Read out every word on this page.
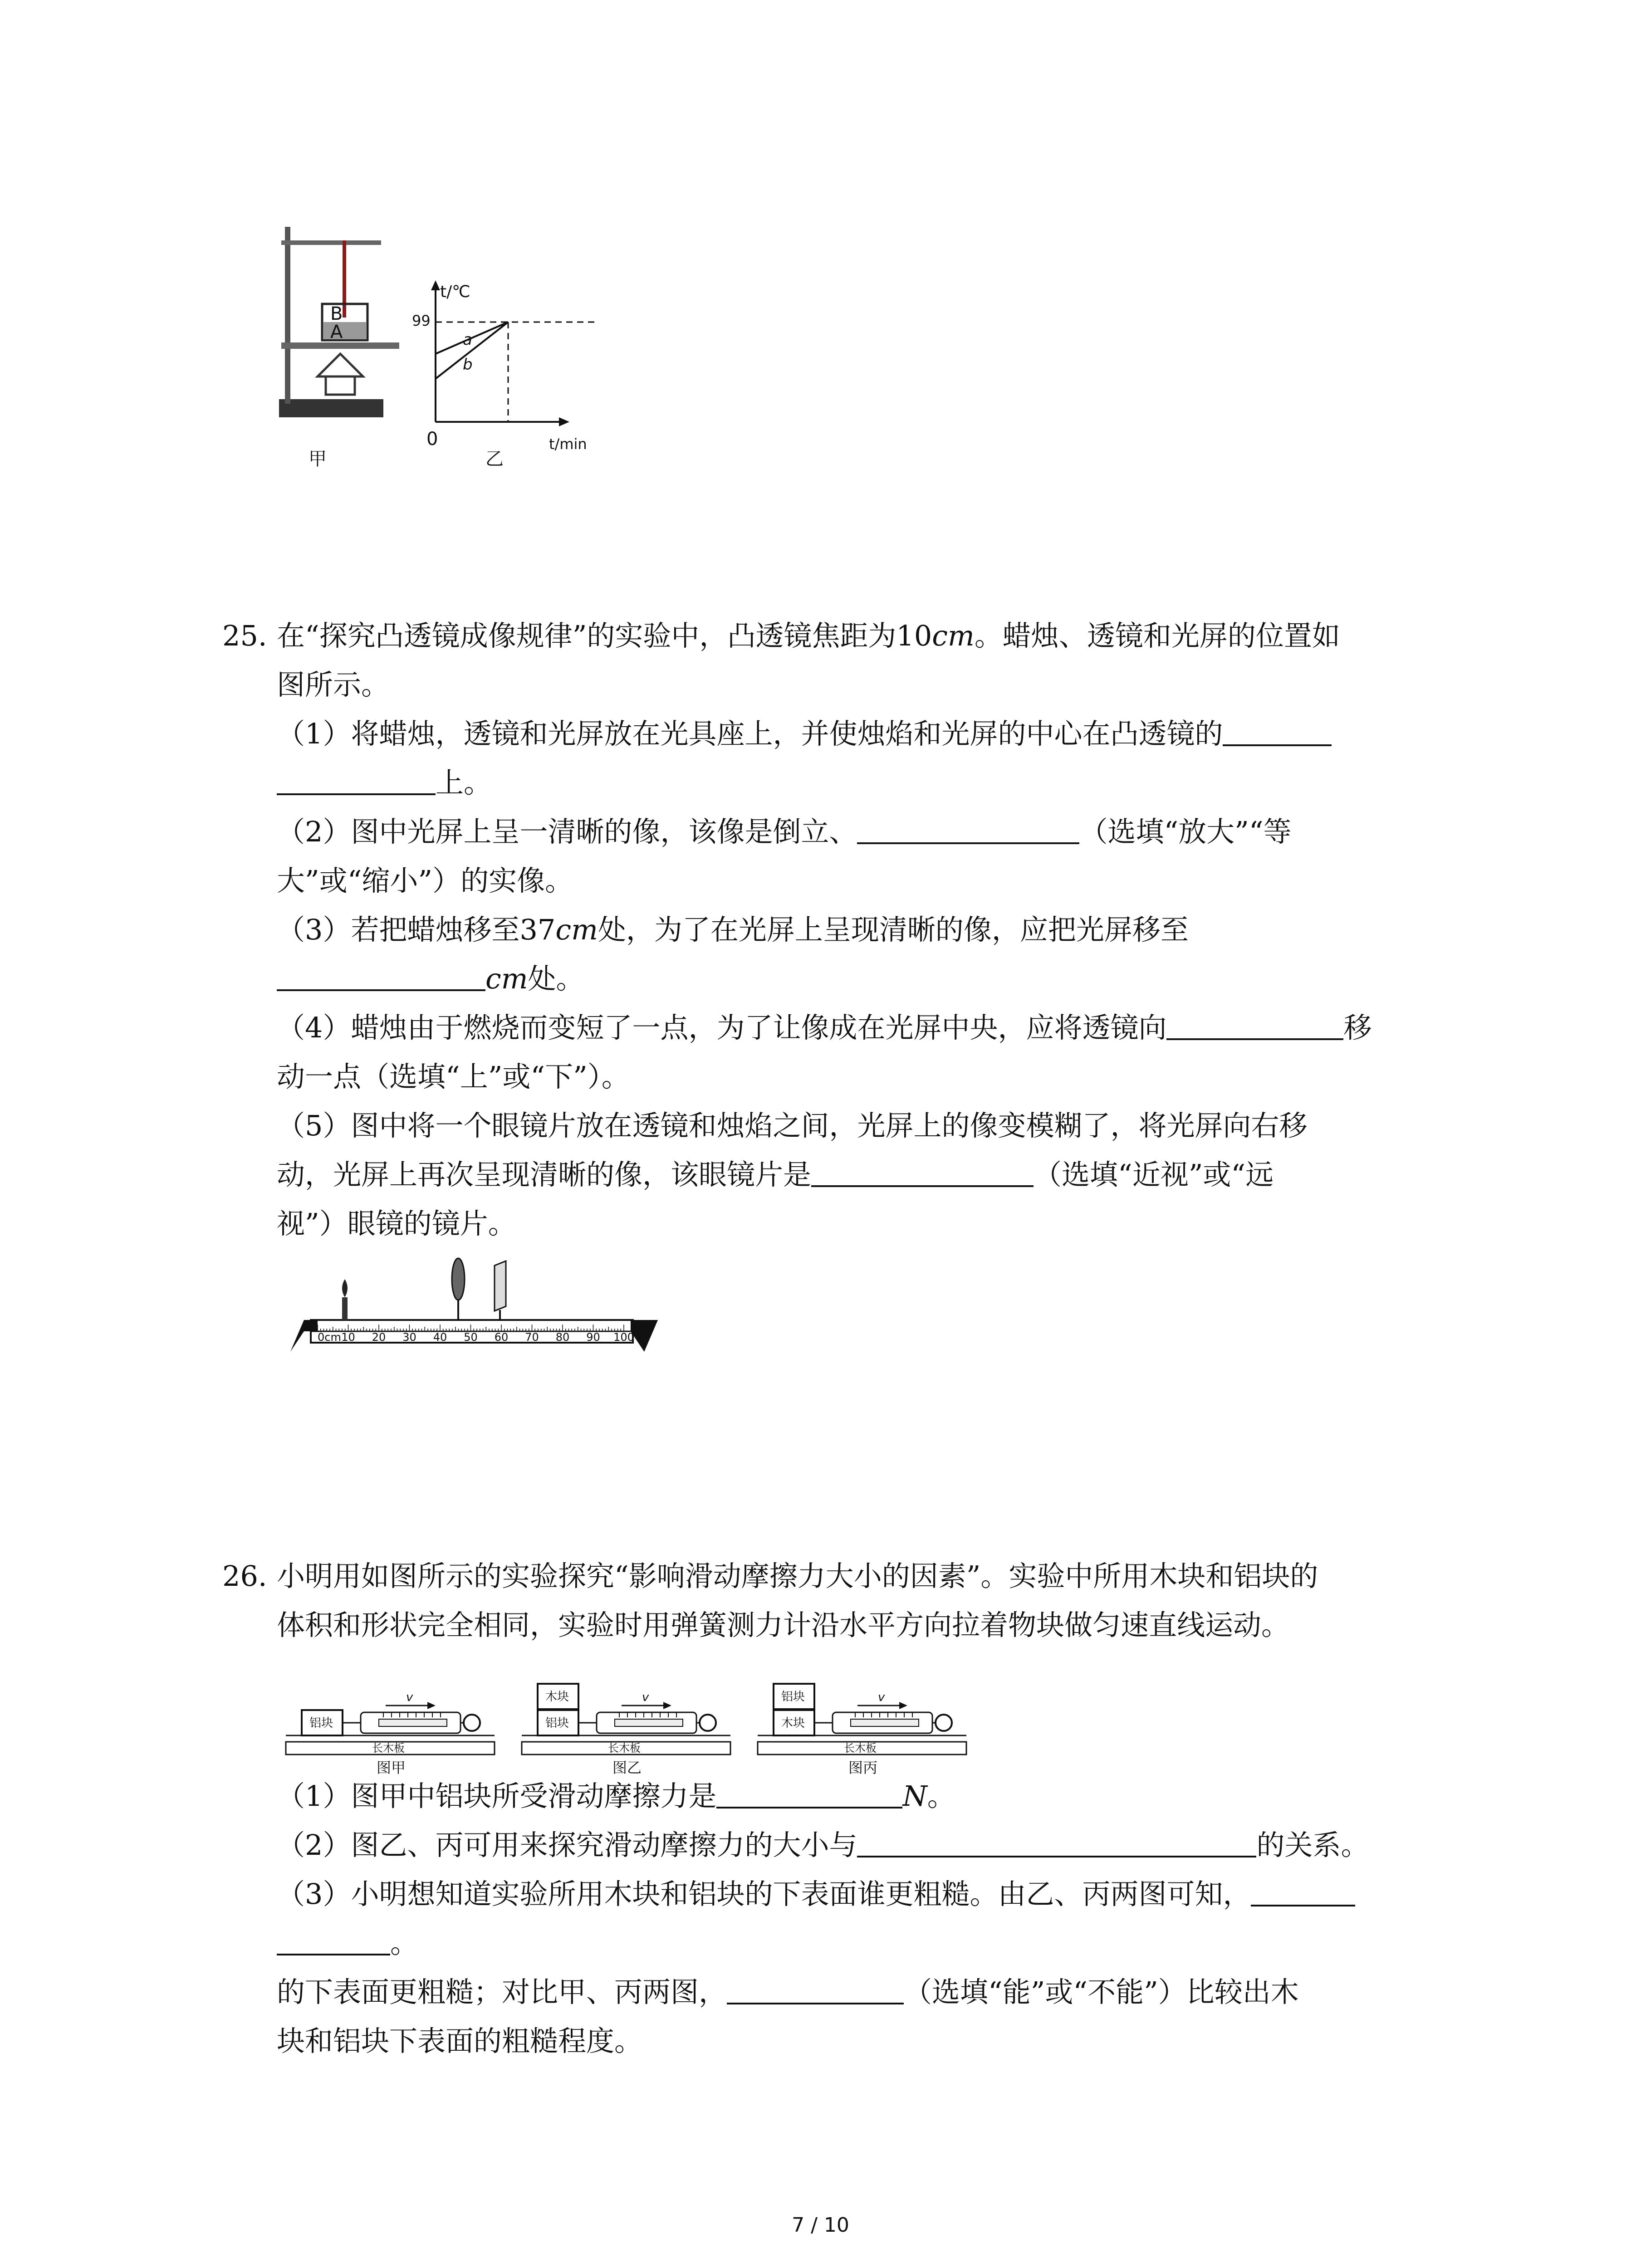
B
A
甲
t/℃
99
a
b
0	t/min
乙
25. 在“探究凸透镜成像规律”的实验中，凸透镜焦距为10cm。蜡烛、透镜和光屏的位置如
图所示。
（1）将蜡烛，透镜和光屏放在光具座上，并使烛焰和光屏的中心在凸透镜的
上。
（2）图中光屏上呈一清晰的像，该像是倒立、	（选填“放大”“等
大”或“缩小”）的实像。
（3）若把蜡烛移至37cm处，为了在光屏上呈现清晰的像，应把光屏移至
cm处。
（4）蜡烛由于燃烧而变短了一点，为了让像成在光屏中央，应将透镜向	移
动一点（选填“上”或“下”）。
（5）图中将一个眼镜片放在透镜和烛焰之间，光屏上的像变模糊了，将光屏向右移
动，光屏上再次呈现清晰的像，该眼镜片是	（选填“近视”或“远
视”）眼镜的镜片。
0cm 10 20 30 40 50 60 70 80 90 100
26. 小明用如图所示的实验探究“影响滑动摩擦力大小的因素”。实验中所用木块和铝块的
体积和形状完全相同，实验时用弹簧测力计沿水平方向拉着物块做匀速直线运动。
长木板
铝块
v
图甲
长木板
铝块
木块	v
图乙
长木板
木块
铝块	v
图丙
（1）图甲中铝块所受滑动摩擦力是	N。
（2）图乙、丙可用来探究滑动摩擦力的大小与	的关系。
（3）小明想知道实验所用木块和铝块的下表面谁更粗糙。由乙、丙两图可知，
。
的下表面更粗糙；对比甲、丙两图，	（选填“能”或“不能”）比较出木
块和铝块下表面的粗糙程度。
7 / 10
